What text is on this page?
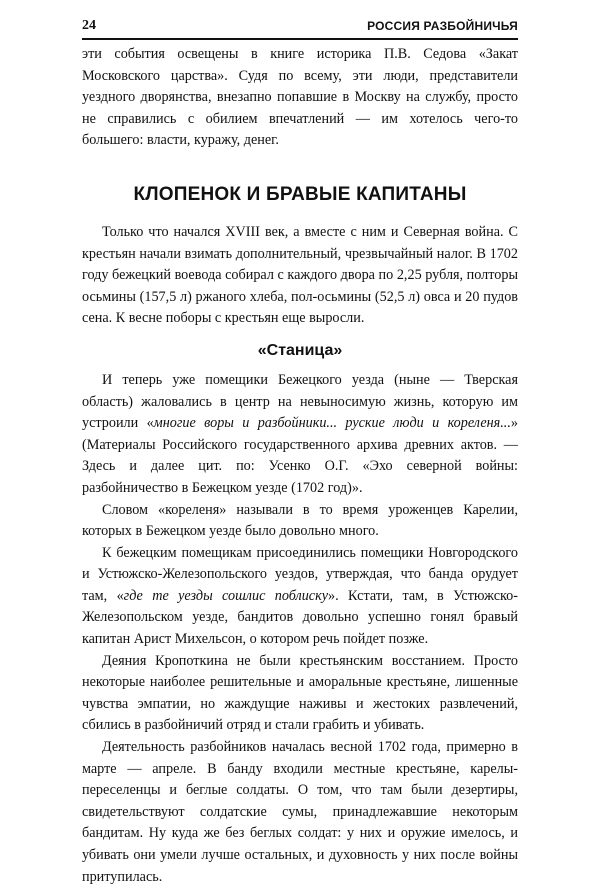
24	РОССИЯ РАЗБОЙНИЧЬЯ

эти события освещены в книге историка П.В. Седова «Закат Московского царства». Судя по всему, эти люди, представители уездного дворянства, внезапно попавшие в Москву на службу, просто не справились с обилием впечатлений — им хотелось чего-то большего: власти, куражу, денег.

КЛОПЕНОК И БРАВЫЕ КАПИТАНЫ

Только что начался XVIII век, а вместе с ним и Северная война. С крестьян начали взимать дополнительный, чрезвычайный налог. В 1702 году бежецкий воевода собирал с каждого двора по 2,25 рубля, полторы осьмины (157,5 л) ржаного хлеба, пол-осьмины (52,5 л) овса и 20 пудов сена. К весне поборы с крестьян еще выросли.

«Станица»

И теперь уже помещики Бежецкого уезда (ныне — Тверская область) жаловались в центр на невыносимую жизнь, которую им устроили «многие воры и разбойники... руские люди и кореленя...» (Материалы Российского государственного архива древних актов. — Здесь и далее цит. по: Усенко О.Г. «Эхо северной войны: разбойничество в Бежецком уезде (1702 год)».

Словом «кореленя» называли в то время уроженцев Карелии, которых в Бежецком уезде было довольно много.

К бежецким помещикам присоединились помещики Новгородского и Устюжско-Железопольского уездов, утверждая, что банда орудует там, «где те уезды сошлис поблиску». Кстати, там, в Устюжско-Железопольском уезде, бандитов довольно успешно гонял бравый капитан Арист Михельсон, о котором речь пойдет позже.

Деяния Кропоткина не были крестьянским восстанием. Просто некоторые наиболее решительные и аморальные крестьяне, лишенные чувства эмпатии, но жаждущие наживы и жестоких развлечений, сбились в разбойничий отряд и стали грабить и убивать.

Деятельность разбойников началась весной 1702 года, примерно в марте — апреле. В банду входили местные крестьяне, карелы-переселенцы и беглые солдаты. О том, что там были дезертиры, свидетельствуют солдатские сумы, принадлежавшие некоторым бандитам. Ну куда же без беглых солдат: у них и оружие имелось, и убивать они умели лучше остальных, и духовность у них после войны притупилась.
